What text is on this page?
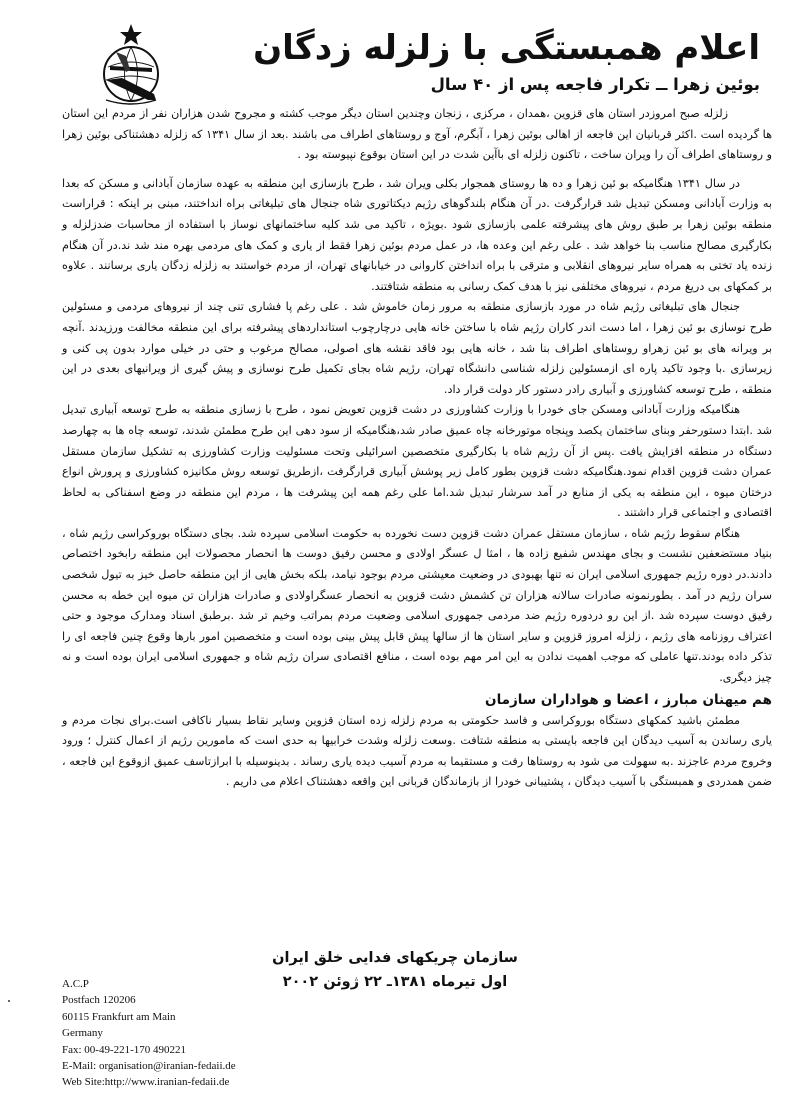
اعلام همبستگی با زلزله زدگان
بوئین زهرا ــ تکرار فاجعه پس از ۴۰ سال

زلزله صبح امروزدر استان های قزوین ،همدان ، مرکزی ، زنجان وچندین استان دیگر موجب کشته و مجروح شدن هزاران نفر از مردم این استان ها گردیده است .اکثر قربانیان این فاجعه از اهالی بوئین زهرا ، آبگرم، آوج و روستاهای اطراف می باشند .بعد از سال ۱۳۴۱ که زلزله دهشتناکی بوئین زهرا و روستاهای اطراف آن را ویران ساخت ، تاکنون زلزله ای باآین شدت در این استان بوقوع نپیوسته بود .

در سال ۱۳۴۱ هنگامیکه بو ئین زهرا و ده ها روستای همجوار بکلی ویران شد ، طرح بازسازی این منطقه به عهده سازمان آبادانی و مسکن که بعدا به وزارت آبادانی ومسکن تبدیل شد قرارگرفت .در آن هنگام بلندگوهای رژیم دیکتاتوری شاه جنجال های تبلیغاتی براه انداختند، مبنی بر اینکه : قراراست منطقه بوئین زهرا بر طبق روش های پیشرفته علمی بازسازی شود .بویژه ، تاکید می شد کلیه ساختمانهای نوساز با استفاده از محاسبات ضدزلزله و بکارگیری مصالح مناسب بنا خواهد شد . علی رغم این وعده ها، در عمل مردم بوئین زهرا فقط از یاری و کمک های مردمی بهره مند شد ند.در آن هنگام زنده یاد تختی به همراه سایر نیروهای انقلابی و مترقی با براه انداختن کاروانی در خیابانهای تهران، از مردم خواستند به زلزله زدگان یاری برسانند . علاوه بر کمکهای بی دریغ مردم ، نیروهای مختلفی نیز با هدف کمک رسانی به منطقه شتافتند.

جنجال های تبلیغاتی رژیم شاه در مورد بازسازی منطقه به مرور زمان خاموش شد . علی رغم پا فشاری تنی چند از نیروهای مردمی و مسئولین طرح نوسازی بو ئین زهرا ، اما دست اندر کاران رژیم شاه با ساختن خانه هایی درچارچوب استانداردهای پیشرفته برای این منطقه مخالفت ورزیدند .آنچه بر ویرانه های بو ئین زهراو روستاهای اطراف بنا شد ، خانه هایی بود فاقد نقشه های اصولی، مصالح مرغوب و حتی در خیلی موارد بدون پی کنی و زیرسازی .با وجود تاکید پاره ای ازمسئولین زلزله شناسی دانشگاه تهران، رژیم شاه بجای تکمیل طرح نوسازی و پیش گیری از ویرانیهای بعدی در این منطقه ، طرح توسعه کشاورزی و آبیاری رادر دستور کار دولت قرار داد.

هنگامیکه وزارت آبادانی ومسکن جای خودرا با وزارت کشاورزی در دشت قزوین تعویض نمود ، طرح با زسازی منطقه به طرح توسعه آبیاری تبدیل شد .ابتدا دستورحفر وبنای ساختمان یکصد وپنجاه موتورخانه چاه عمیق صادر شد،هنگامیکه از سود دهی این طرح مطمئن شدند، توسعه چاه ها به چهارصد دستگاه در منطقه افزایش یافت .پس از آن رژیم شاه با بکارگیری متخصصین اسرائیلی وتحت مسئولیت وزارت کشاورزی به تشکیل سازمان مستقل عمران دشت قزوین اقدام نمود.هنگامیکه دشت قزوین بطور کامل زیر پوشش آبیاری قرارگرفت ،ازطریق توسعه روش مکانیزه کشاورزی و پرورش انواع درختان میوه ، این منطقه به یکی از منابع در آمد سرشار تبدیل شد.اما علی رغم همه این پیشرفت ها ، مردم این منطقه در وضع اسفناکی به لحاظ اقتصادی و اجتماعی قرار داشتند .

هنگام سقوط رژیم شاه ، سازمان مستقل عمران دشت قزوین دست نخورده به حکومت اسلامی سپرده شد. بجای دستگاه بوروکراسی رژیم شاه ، بنیاد مستضعفین نشست و بجای مهندس شفیع زاده ها ، امثا ل عسگر اولادی و محسن رفیق دوست ها انحصار محصولات این منطقه رابخود اختصاص دادند.در دوره رژیم جمهوری اسلامی ایران نه تنها بهبودی در وضعیت معیشتی مردم بوجود نیامد، بلکه بخش هایی از این منطقه حاصل خیز به تیول شخصی سران رژیم در آمد . بطورنمونه صادرات سالانه هزاران تن کشمش دشت قزوین به انحصار عسگراولادی و صادرات هزاران تن میوه این خطه به محسن رفیق دوست سپرده شد .از این رو دردوره رژیم ضد مردمی جمهوری اسلامی وضعیت مردم بمراتب وخیم تر شد .برطبق اسناد ومدارک موجود و حتی اعتراف روزنامه های رژیم ، زلزله امروز قزوین و سایر استان ها از سالها پیش قابل پیش بینی بوده است و متخصصین امور بارها وقوع چنین فاجعه ای را تذکر داده بودند.تنها عاملی که موجب اهمیت ندادن به این امر مهم بوده است ، منافع اقتصادی سران رژیم شاه و جمهوری اسلامی ایران بوده است و نه چیز دیگری.

هم میهنان مبارز ، اعضا و هواداران سازمان

مطمئن باشید کمکهای دستگاه بوروکراسی و فاسد حکومتی به مردم زلزله زده استان قزوین وسایر نقاط بسیار ناکافی است.برای نجات مردم و یاری رساندن به آسیب دیدگان این فاجعه بایستی به منطقه شتافت .وسعت زلزله وشدت خرابیها به حدی است که مامورین رژیم از اعمال کنترل ؛ ورود وخروج مردم عاجزند .به سهولت می شود به روستاها رفت و مستقیما به مردم آسیب دیده یاری رساند . بدینوسیله با ابرازتاسف عمیق ازوقوع این فاجعه ، ضمن همدردی و همبستگی با آسیب دیدگان ، پشتیبانی خودرا از بازماندگان قربانی این واقعه دهشتناک اعلام می داریم .

سازمان چریکهای فدایی خلق ایران
اول تیرماه ۱۳۸۱ـ ۲۲ ژوئن ۲۰۰۲
A.C.P
Postfach 120206
60115 Frankfurt am Main
Germany
Fax: 00-49-221-170 490221
E-Mail: organisation@iranian-fedaii.de
Web Site:http://www.iranian-fedaii.de
